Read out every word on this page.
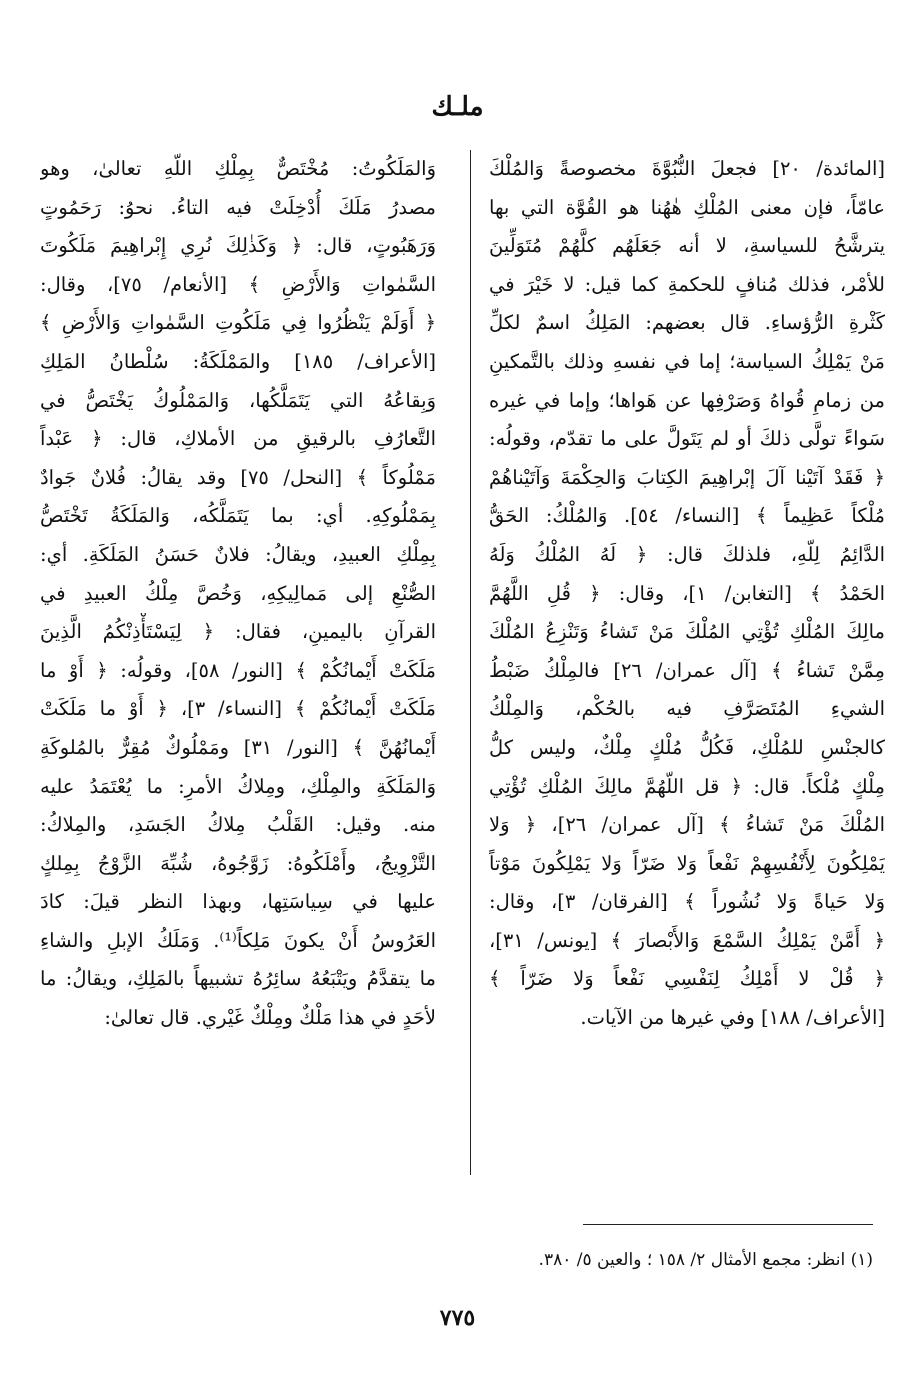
ملـك
[المائدة/ ٢٠] فجعلَ النُّبُوَّةَ مخصوصةً وَالمُلْكَ
عامّاً، فإن معنى المُلْكِ هٰهُنا هو القُوَّة التي بها
يترشَّحُ للسياسةِ، لا أنه جَعَلَهُم كلَّهُمْ مُتَوَلِّينَ
للأمْر، فذلك مُنافٍ للحكمةِ كما قيل: لا خَيْرَ في
كَثْرةِ الرُّؤساءِ. قال بعضهم: المَلِكُ اسمٌ لكلِّ
مَنْ يَمْلِكُ السياسة؛ إما في نفسهِ وذلك بالتَّمكينِ
من زمامِ قُواهُ وَصَرْفِها عن هَواها؛ وإما في غيره
سَواءً تولَّى ذلكَ أو لم يَتَولَّ على ما تقدّم، وقولُه:
﴿ فَقَدْ آتَيْنا آلَ إبْراهِيمَ الكِتابَ وَالحِكْمَةَ وَآتَيْناهُمْ
مُلْكاً عَظِيماً ﴾ [النساء/ ٥٤]. وَالمُلْكُ: الحَقُّ
الدَّائِمُ لِلّهِ، فلذلكَ قال: ﴿ لَهُ المُلْكُ وَلَهُ
الحَمْدُ ﴾ [التغابن/ ١]، وقال: ﴿ قُلِ اللَّهُمَّ
مالِكَ المُلْكِ تُؤْتِي المُلْكَ مَنْ تَشاءُ وَتَنْزِعُ المُلْكَ
مِمَّنْ تَشاءُ ﴾ [آل عمران/ ٢٦] فالمِلْكُ ضَبْطُ
الشيءِ المُتَصَرَّفِ فيه بالحُكْم، وَالمِلْكُ
كالجنْسِ للمُلْكِ، فَكُلُّ مُلْكٍ مِلْكٌ، وليس كلُّ
مِلْكٍ مُلْكاً. قال: ﴿ قل اللّهُمَّ مالِكَ المُلْكِ تُؤْتِي
المُلْكَ مَنْ تَشاءُ ﴾ [آل عمران/ ٢٦]، ﴿ وَلا
يَمْلِكُونَ لِأَنْفُسِهِمْ نَفْعاً وَلا ضَرّاً وَلا يَمْلِكُونَ مَوْتاً
وَلا حَياةً وَلا نُشُوراً ﴾ [الفرقان/ ٣]، وقال:
﴿ أَمَّنْ يَمْلِكُ السَّمْعَ وَالأَبْصارَ ﴾ [يونس/ ٣١]،
﴿ قُلْ لا أَمْلِكُ لِنَفْسِي نَفْعاً وَلا ضَرّاً ﴾
[الأعراف/ ١٨٨] وفي غيرها من الآيات.
وَالمَلَكُوتُ: مُخْتَصٌّ بِمِلْكِ اللّهِ تعالىٰ، وهو
مصدرُ مَلَكَ أُدْخِلَتْ فيه التاءُ. نحوُ: رَحَمُوتٍ
وَرَهَبُوتٍ، قال: ﴿ وَكَذٰلِكَ نُرِي إِبْراهِيمَ مَلَكُوتَ
السَّمٰواتِ وَالأَرْضِ ﴾ [الأنعام/ ٧٥]، وقال:
﴿ أَوَلَمْ يَنْظُرُوا فِي مَلَكُوتِ السَّمٰواتِ وَالأَرْضِ ﴾
[الأعراف/ ١٨٥] والمَمْلَكَةُ: سُلْطانُ المَلِكِ
وَبِقاعُهُ التي يَتَمَلَّكُها، وَالمَمْلُوكُ يَخْتَصُّ في
التَّعارُفِ بالرقيقِ من الأملاكِ، قال: ﴿ عَبْداً
مَمْلُوكاً ﴾ [النحل/ ٧٥] وقد يقالُ: فُلانٌ جَوادٌ
بِمَمْلُوكِهِ. أي: بما يَتَمَلَّكُه، وَالمَلَكَةُ تَخْتَصُّ
بِمِلْكِ العبيدِ، ويقالُ: فلانٌ حَسَنُ المَلَكَةِ. أي:
الصُّنْعِ إلى مَمالِيكِهِ، وَخُصَّ مِلْكُ العبيدِ في
القرآنِ باليمينِ، فقال: ﴿ لِيَسْتَأْذِنْكُمُ الَّذِينَ
مَلَكَتْ أَيْمانُكُمْ ﴾ [النور/ ٥٨]، وقولُه: ﴿ أَوْ ما
مَلَكَتْ أَيْمانُكُمْ ﴾ [النساء/ ٣]، ﴿ أَوْ ما مَلَكَتْ
أَيْمانُهُنَّ ﴾ [النور/ ٣١] ومَمْلُوكٌ مُقِرٌّ بالمُلوكَةِ
وَالمَلَكَةِ والمِلْكِ، ومِلاكُ الأمرِ: ما يُعْتَمَدُ عليه
منه. وقيل: القَلْبُ مِلاكُ الجَسَدِ، والمِلاكُ:
التَّزْوِيجُ، وأَمْلَكُوهُ: زَوَّجُوهُ، شُبِّهَ الزَّوْجُ بِمِلكٍ
عليها في سِياسَتِها، وبهذا النظر قيلَ: كادَ
العَرُوسُ أَنْ يكونَ مَلِكاً⁽¹⁾. وَمَلَكُ الإبلِ والشاءِ
ما يتقدَّمُ ويَتْبَعُهُ سائِرُهُ تشبيهاً بالمَلِكِ، ويقالُ: ما
لأحَدٍ في هذا مَلْكٌ ومِلْكٌ غَيْري. قال تعالىٰ:
(١) انظر: مجمع الأمثال ٢/ ١٥٨ ؛ والعين ٥/ ٣٨٠.
٧٧٥
